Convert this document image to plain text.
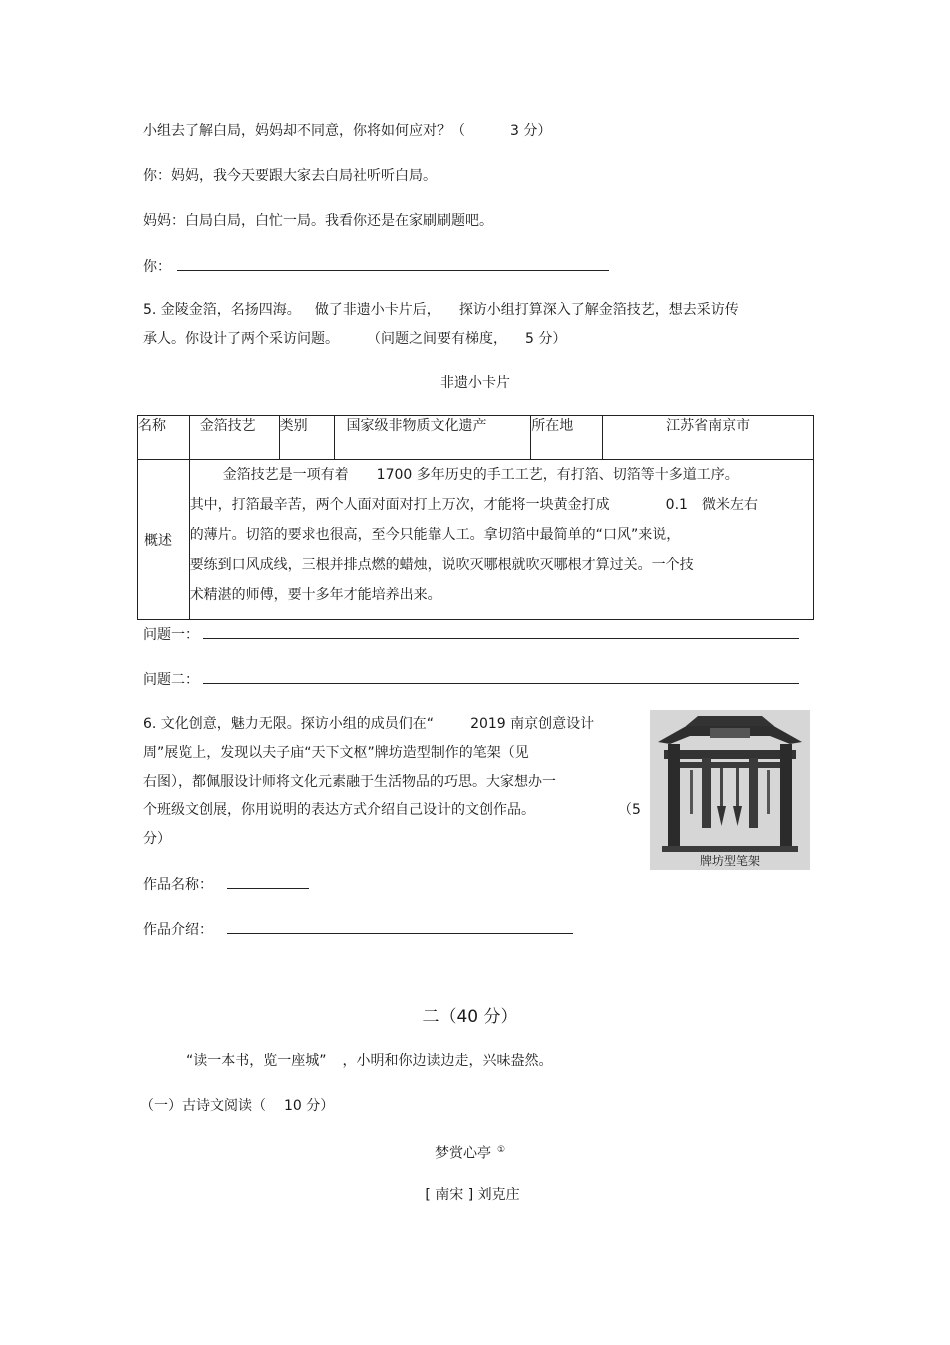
小组去了解白局，妈妈却不同意，你将如何应对？（	3 分）
你：妈妈，我今天要跟大家去白局社听听白局。
妈妈：白局白局，白忙一局。我看你还是在家刷刷题吧。
你：
5. 金陵金箔，名扬四海。 做了非遗小卡片后， 探访小组打算深入了解金箔技艺，想去采访传
承人。你设计了两个采访问题。 （问题之间要有梯度， 5 分）
非遗小卡片
名称	金箔技艺	类别	国家级非物质文化遗产	所在地	江苏省南京市
概述	金箔技艺是一项有着　　1700 多年历史的手工工艺，有打箔、切箔等十多道工序。

其中，打箔最辛苦，两个人面对面对打上万次，才能将一块黄金打成　　　　0.1　微米左右

的薄片。切箔的要求也很高，至今只能靠人工。拿切箔中最简单的“口风”来说，

要练到口风成线，三根并排点燃的蜡烛，说吹灭哪根就吹灭哪根才算过关。一个技

术精湛的师傅，要十多年才能培养出来。				

问题一：
问题二：
6. 文化创意，魅力无限。探访小组的成员们在“	2019 南京创意设计
周”展览上，发现以夫子庙“天下文枢”牌坊造型制作的笔架（见
右图），都佩服设计师将文化元素融于生活物品的巧思。大家想办一
个班级文创展，你用说明的表达方式介绍自己设计的文创作品。	（5
分）
牌坊型笔架
作品名称：
作品介绍：
二（40 分）
“读一本书，览一座城” ，小明和你边读边走，兴味盎然。
（一）古诗文阅读（ 10 分）
梦赏心亭 ①
[ 南宋 ] 刘克庄
